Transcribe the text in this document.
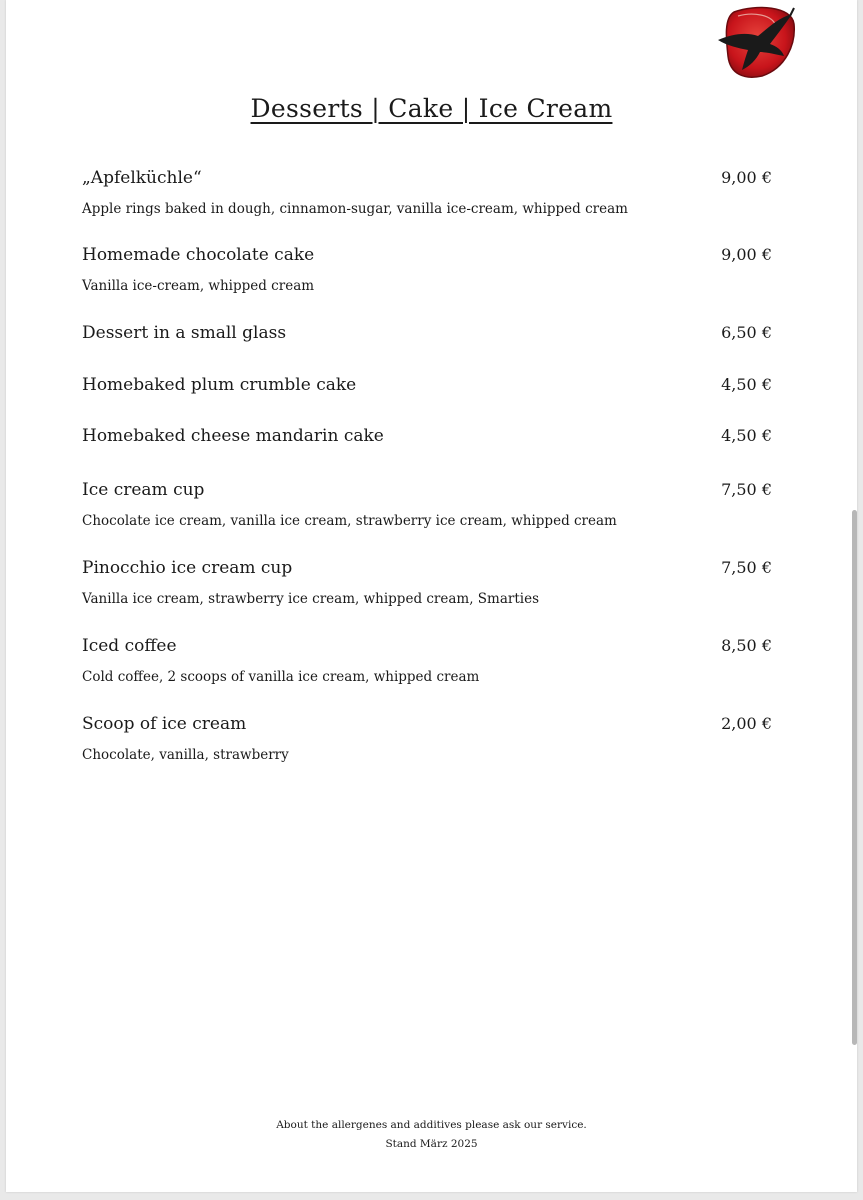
Desserts | Cake | Ice Cream
„Apfelküchle“	9,00 €
Apple rings baked in dough, cinnamon-sugar, vanilla ice-cream, whipped cream
Homemade chocolate cake	9,00 €
Vanilla ice-cream, whipped cream
Dessert in a small glass	6,50 €
Homebaked plum crumble cake	4,50 €
Homebaked cheese mandarin cake	4,50 €
Ice cream cup	7,50 €
Chocolate ice cream, vanilla ice cream, strawberry ice cream, whipped cream
Pinocchio ice cream cup	7,50 €
Vanilla ice cream, strawberry ice cream, whipped cream, Smarties
Iced coffee	8,50 €
Cold coffee, 2 scoops of vanilla ice cream, whipped cream
Scoop of ice cream	2,00 €
Chocolate, vanilla, strawberry
About the allergenes and additives please ask our service.
Stand März 2025
